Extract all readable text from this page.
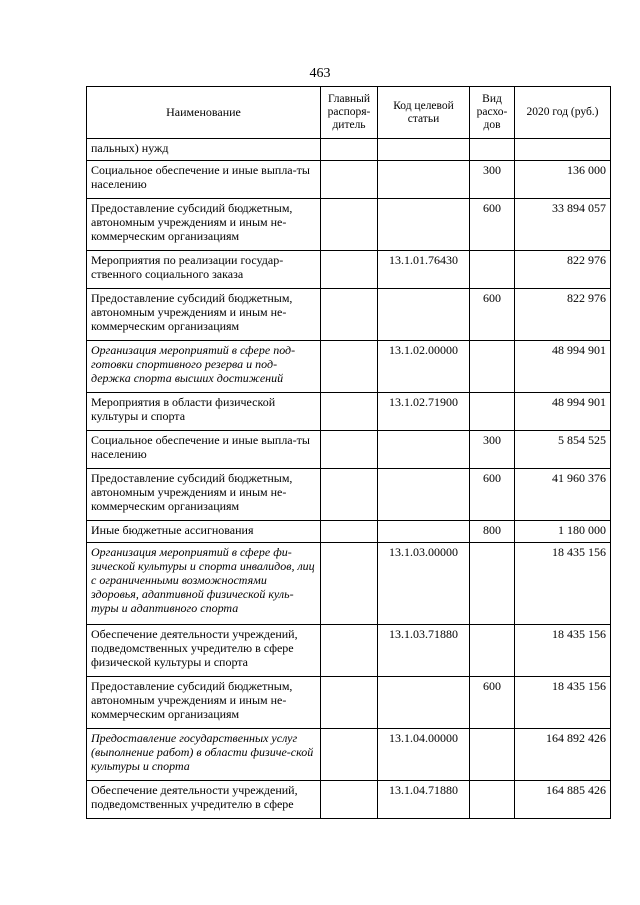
463
Наименование	Главный распоря-дитель	Код целевой статьи	Вид расхо-дов	2020 год (руб.)
пальных) нужд				
Социальное обеспечение и иные выпла-ты населению			300	136 000
Предоставление субсидий бюджетным, автономным учреждениям и иным не-коммерческим организациям			600	33 894 057
Мероприятия по реализации государ-ственного социального заказа		13.1.01.76430		822 976
Предоставление субсидий бюджетным, автономным учреждениям и иным не-коммерческим организациям			600	822 976
Организация мероприятий в сфере под-готовки спортивного резерва и под-держка спорта высших достижений		13.1.02.00000		48 994 901
Мероприятия в области физической культуры и спорта		13.1.02.71900		48 994 901
Социальное обеспечение и иные выпла-ты населению			300	5 854 525
Предоставление субсидий бюджетным, автономным учреждениям и иным не-коммерческим организациям			600	41 960 376
Иные бюджетные ассигнования			800	1 180 000
Организация мероприятий в сфере фи-зической культуры и спорта инвалидов, лиц с ограниченными возможностями здоровья, адаптивной физической куль-туры и адаптивного спорта		13.1.03.00000		18 435 156
Обеспечение деятельности учреждений, подведомственных учредителю в сфере физической культуры и спорта		13.1.03.71880		18 435 156
Предоставление субсидий бюджетным, автономным учреждениям и иным не-коммерческим организациям			600	18 435 156
Предоставление государственных услуг (выполнение работ) в области физиче-ской культуры и спорта		13.1.04.00000		164 892 426
Обеспечение деятельности учреждений, подведомственных учредителю в сфере		13.1.04.71880		164 885 426
